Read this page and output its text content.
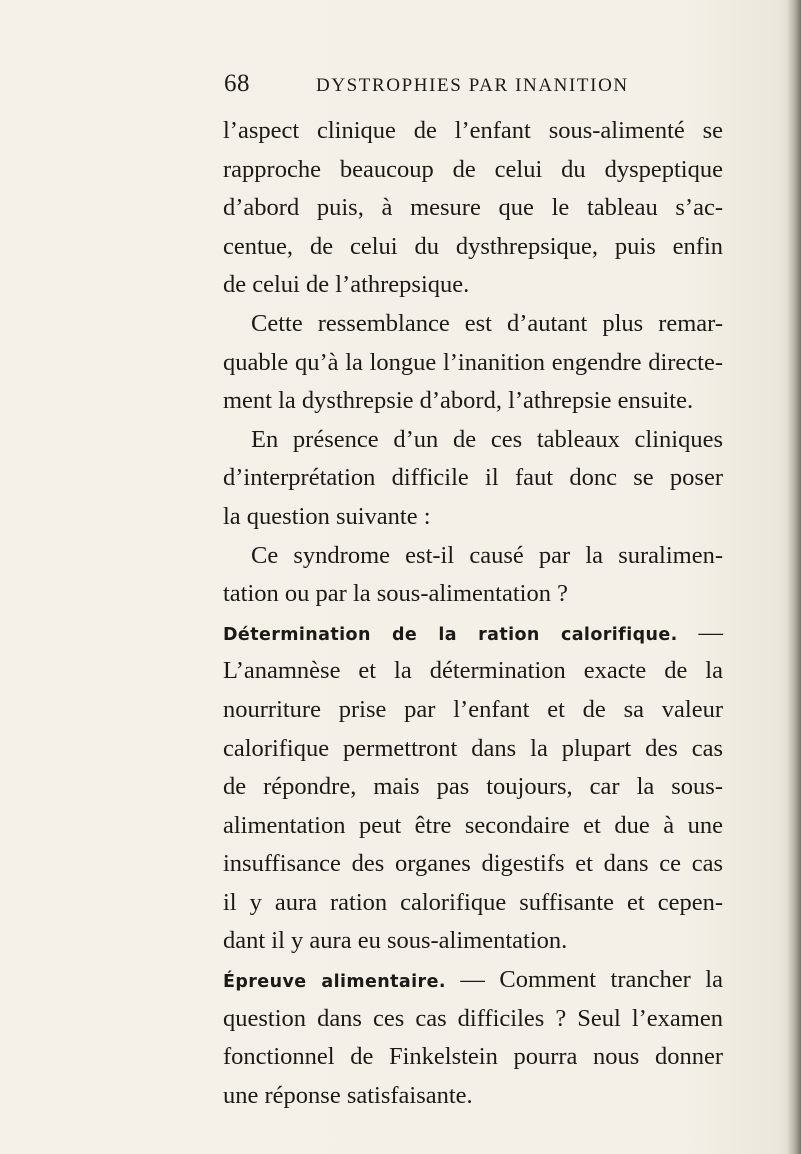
68	DYSTROPHIES PAR INANITION
l’aspect clinique de l’enfant sous-alimenté se
rapproche beaucoup de celui du dyspeptique
d’abord puis, à mesure que le tableau s’ac-
centue, de celui du dysthrepsique, puis enfin
de celui de l’athrepsique.
Cette ressemblance est d’autant plus remar-
quable qu’à la longue l’inanition engendre directe-
ment la dysthrepsie d’abord, l’athrepsie ensuite.
En présence d’un de ces tableaux cliniques
d’interprétation difficile il faut donc se poser
la question suivante :
Ce syndrome est-il causé par la suralimen-
tation ou par la sous-alimentation ?
Détermination de la ration calorifique. —
L’anamnèse et la détermination exacte de la
nourriture prise par l’enfant et de sa valeur
calorifique permettront dans la plupart des cas
de répondre, mais pas toujours, car la sous-
alimentation peut être secondaire et due à une
insuffisance des organes digestifs et dans ce cas
il y aura ration calorifique suffisante et cepen-
dant il y aura eu sous-alimentation.
Épreuve alimentaire. — Comment trancher la
question dans ces cas difficiles ? Seul l’examen
fonctionnel de Finkelstein pourra nous donner
une réponse satisfaisante.
